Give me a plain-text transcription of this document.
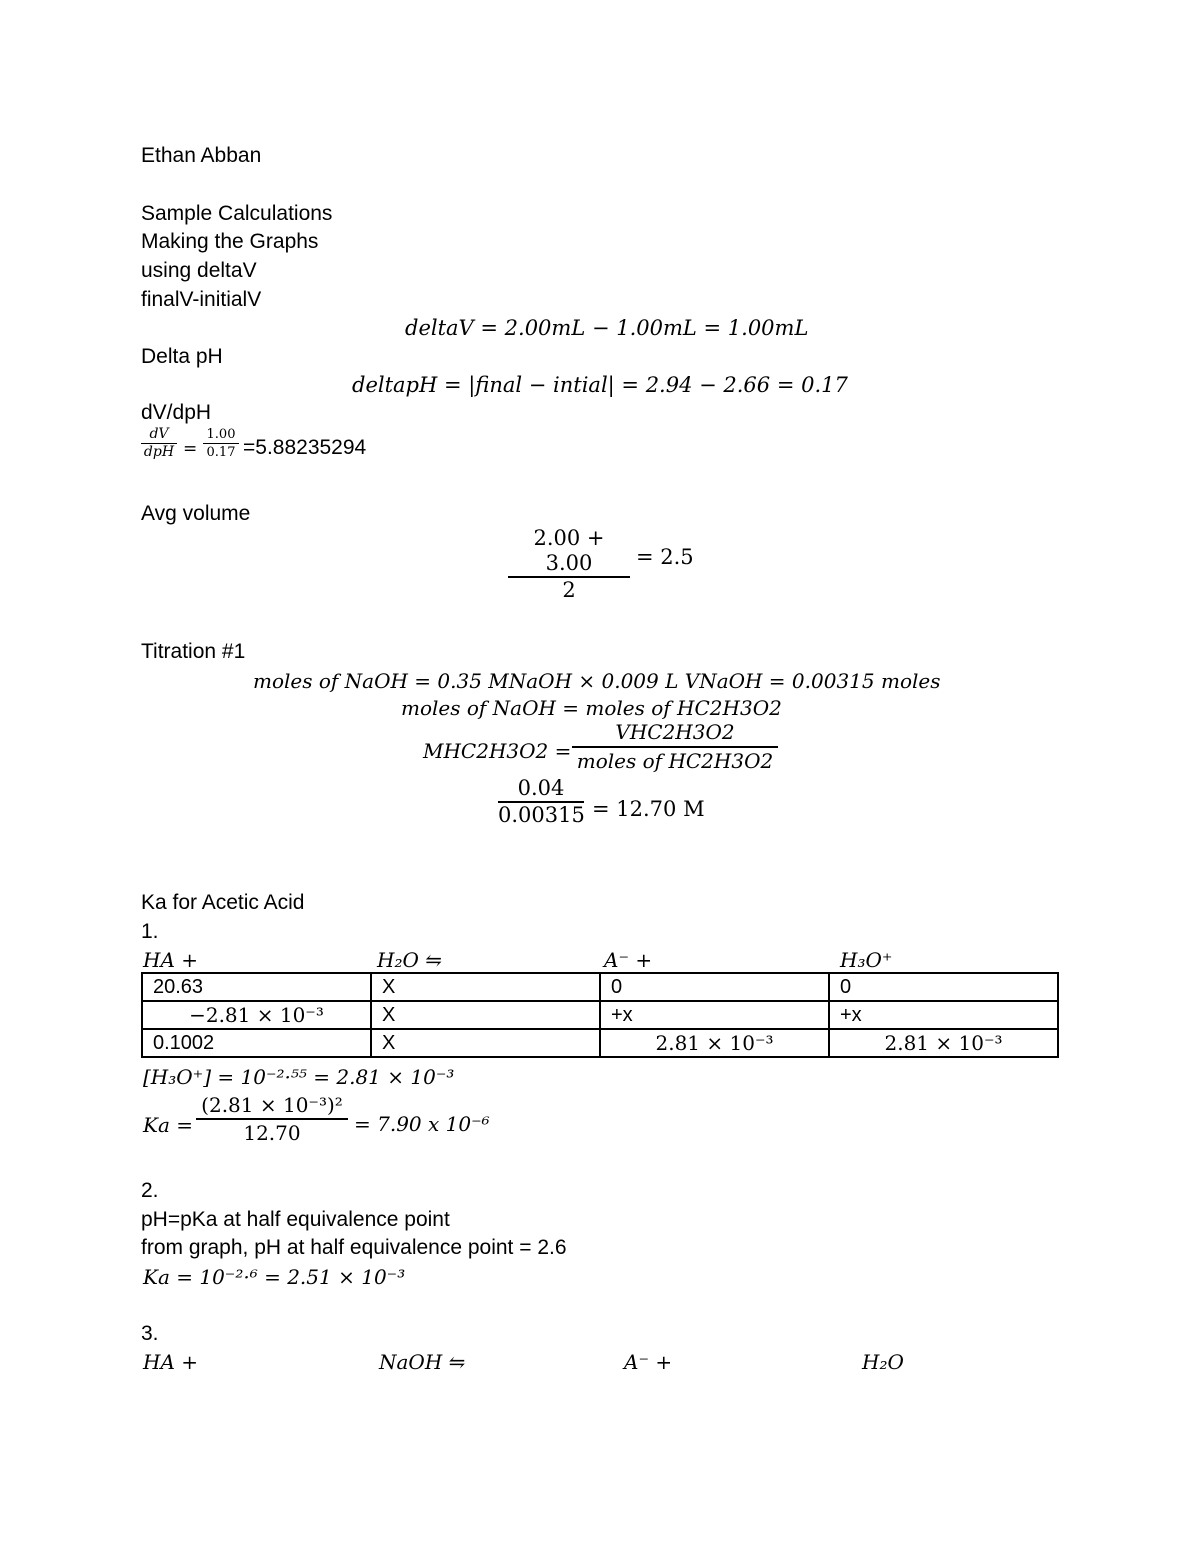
Ethan Abban
Sample Calculations
Making the Graphs
using deltaV
finalV-initialV
deltaV = 2.00mL − 1.00mL = 1.00mL
Delta pH
deltapH = |final − intial| = 2.94 − 2.66 = 0.17
dV/dpH
dV
dpH =
1.00
0.17 =5.88235294
Avg volume
2.00 + 3.00
2
= 2.5
Titration #1
moles of NaOH = 0.35 MNaOH × 0.009 L VNaOH = 0.00315 moles
moles of NaOH = moles of HC2H3O2
MHC2H3O2 =
VHC2H3O2
moles of HC2H3O2
0.04
0.00315 = 12.70 M
Ka for Acetic Acid
1.
HA +	H₂O ⇋	A⁻ +	H₃O⁺
20.63	X	0	0
−2.81 × 10⁻³	X	+x	+x
0.1002	X	2.81 × 10⁻³	2.81 × 10⁻³
[H₃O⁺] = 10⁻²·⁵⁵ = 2.81 × 10⁻³
Ka =
(2.81 × 10⁻³)²
12.70	= 7.90 x 10⁻⁶
2.
pH=pKa at half equivalence point
from graph, pH at half equivalence point = 2.6
Ka = 10⁻²·⁶ = 2.51 × 10⁻³
3.
HA +	NaOH ⇋	A⁻ +	H₂O
